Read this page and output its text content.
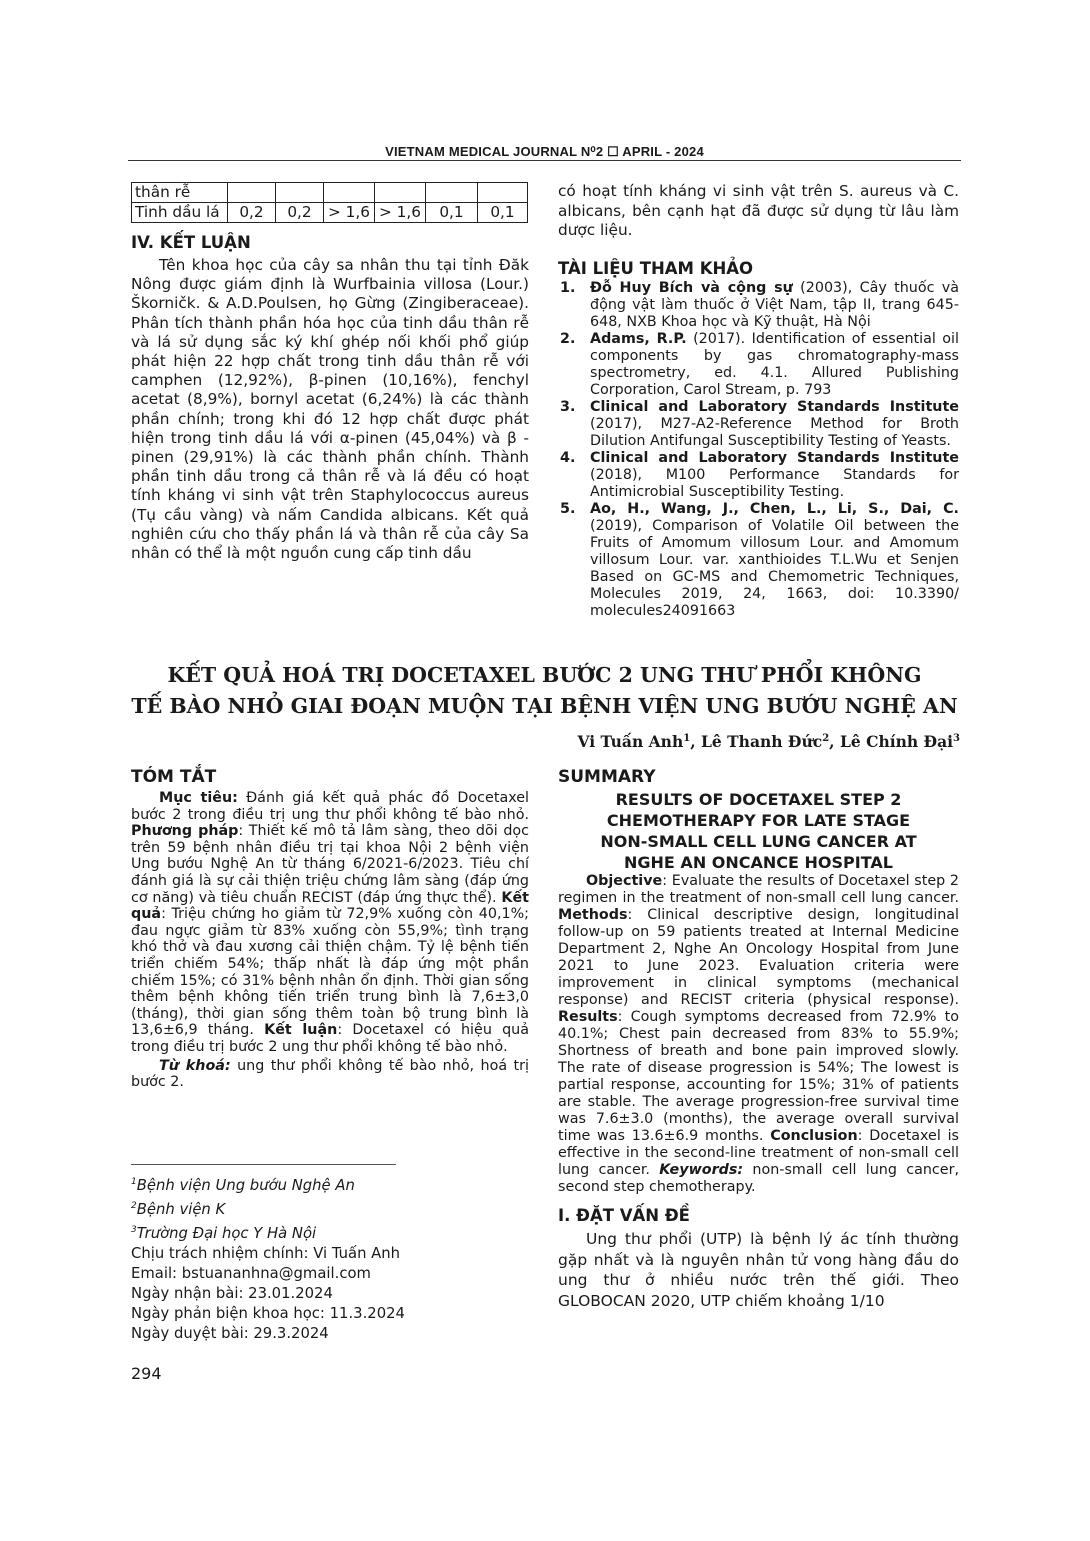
VIETNAM MEDICAL JOURNAL N⁰2 ☐ APRIL - 2024
thân rễ						
Tinh dầu lá	0,2	0,2	> 1,6	> 1,6	0,1	0,1
IV. KẾT LUẬN

Tên khoa học của cây sa nhân thu tại tỉnh Đăk Nông được giám định là Wurfbainia villosa (Lour.) Škorničk. & A.D.Poulsen, họ Gừng (Zingiberaceae). Phân tích thành phần hóa học của tinh dầu thân rễ và lá sử dụng sắc ký khí ghép nối khối phổ giúp phát hiện 22 hợp chất trong tinh dầu thân rễ với camphen (12,92%), β-pinen (10,16%), fenchyl acetat (8,9%), bornyl acetat (6,24%) là các thành phần chính; trong khi đó 12 hợp chất được phát hiện trong tinh dầu lá với α-pinen (45,04%) và β -pinen (29,91%) là các thành phần chính. Thành phần tinh dầu trong cả thân rễ và lá đều có hoạt tính kháng vi sinh vật trên Staphylococcus aureus (Tụ cầu vàng) và nấm Candida albicans. Kết quả nghiên cứu cho thấy phần lá và thân rễ của cây Sa nhân có thể là một nguồn cung cấp tinh dầu

có hoạt tính kháng vi sinh vật trên S. aureus và C. albicans, bên cạnh hạt đã được sử dụng từ lâu làm dược liệu.

TÀI LIỆU THAM KHẢO
1.	Đỗ Huy Bích và cộng sự (2003), Cây thuốc và động vật làm thuốc ở Việt Nam, tập II, trang 645-648, NXB Khoa học và Kỹ thuật, Hà Nội
2.	Adams, R.P. (2017). Identification of essential oil components by gas chromatography-mass spectrometry, ed. 4.1. Allured Publishing Corporation, Carol Stream, p. 793
3.	Clinical and Laboratory Standards Institute (2017), M27-A2-Reference Method for Broth Dilution Antifungal Susceptibility Testing of Yeasts.
4.	Clinical and Laboratory Standards Institute (2018), M100 Performance Standards for Antimicrobial Susceptibility Testing.
5.	Ao, H., Wang, J., Chen, L., Li, S., Dai, C. (2019), Comparison of Volatile Oil between the Fruits of Amomum villosum Lour. and Amomum villosum Lour. var. xanthioides T.L.Wu et Senjen Based on GC-MS and Chemometric Techniques, Molecules 2019, 24, 1663, doi: 10.3390/ molecules24091663
KẾT QUẢ HOÁ TRỊ DOCETAXEL BƯỚC 2 UNG THƯ PHỔI KHÔNG
TẾ BÀO NHỎ GIAI ĐOẠN MUỘN TẠI BỆNH VIỆN UNG BƯỚU NGHỆ AN
Vi Tuấn Anh$^1$, Lê Thanh Đức$^2$, Lê Chính Đại$^3$
TÓM TẮT

Mục tiêu: Đánh giá kết quả phác đồ Docetaxel bước 2 trong điều trị ung thư phổi không tế bào nhỏ. Phương pháp: Thiết kế mô tả lâm sàng, theo dõi dọc trên 59 bệnh nhân điều trị tại khoa Nội 2 bệnh viện Ung bướu Nghệ An từ tháng 6/2021-6/2023. Tiêu chí đánh giá là sự cải thiện triệu chứng lâm sàng (đáp ứng cơ năng) và tiêu chuẩn RECIST (đáp ứng thực thể). Kết quả: Triệu chứng ho giảm từ 72,9% xuống còn 40,1%; đau ngực giảm từ 83% xuống còn 55,9%; tình trạng khó thở và đau xương cải thiện chậm. Tỷ lệ bệnh tiến triển chiếm 54%; thấp nhất là đáp ứng một phần chiếm 15%; có 31% bệnh nhân ổn định. Thời gian sống thêm bệnh không tiến triển trung bình là 7,6±3,0 (tháng), thời gian sống thêm toàn bộ trung bình là 13,6±6,9 tháng. Kết luận: Docetaxel có hiệu quả trong điều trị bước 2 ung thư phổi không tế bào nhỏ.

Từ khoá: ung thư phổi không tế bào nhỏ, hoá trị bước 2.

$^1$Bệnh viện Ung bướu Nghệ An
$^2$Bệnh viện K
$^3$Trường Đại học Y Hà Nội
Chịu trách nhiệm chính: Vi Tuấn Anh
Email: bstuananhna@gmail.com
Ngày nhận bài: 23.01.2024
Ngày phản biện khoa học: 11.3.2024
Ngày duyệt bài: 29.3.2024
SUMMARY
RESULTS OF DOCETAXEL STEP 2 CHEMOTHERAPY FOR LATE STAGE NON-SMALL CELL LUNG CANCER AT NGHE AN ONCANCE HOSPITAL

Objective: Evaluate the results of Docetaxel step 2 regimen in the treatment of non-small cell lung cancer. Methods: Clinical descriptive design, longitudinal follow-up on 59 patients treated at Internal Medicine Department 2, Nghe An Oncology Hospital from June 2021 to June 2023. Evaluation criteria were improvement in clinical symptoms (mechanical response) and RECIST criteria (physical response). Results: Cough symptoms decreased from 72.9% to 40.1%; Chest pain decreased from 83% to 55.9%; Shortness of breath and bone pain improved slowly. The rate of disease progression is 54%; The lowest is partial response, accounting for 15%; 31% of patients are stable. The average progression-free survival time was 7.6±3.0 (months), the average overall survival time was 13.6±6.9 months. Conclusion: Docetaxel is effective in the second-line treatment of non-small cell lung cancer. Keywords: non-small cell lung cancer, second step chemotherapy.

I. ĐẶT VẤN ĐỀ

Ung thư phổi (UTP) là bệnh lý ác tính thường gặp nhất và là nguyên nhân tử vong hàng đầu do ung thư ở nhiều nước trên thế giới. Theo GLOBOCAN 2020, UTP chiếm khoảng 1/10

294
